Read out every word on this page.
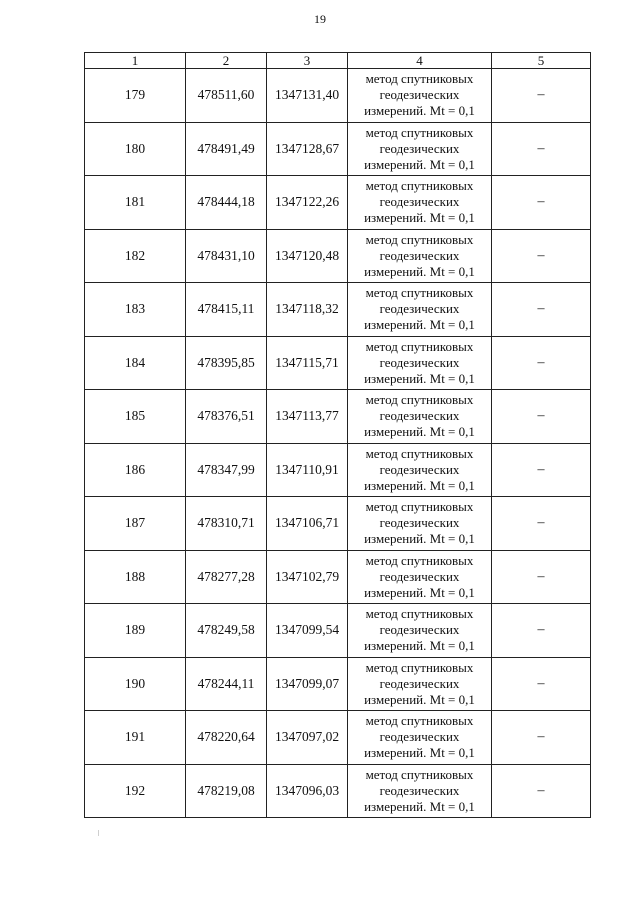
19
1	2	3	4	5
179	478511,60	1347131,40	метод спутниковых геодезических измерений. Mt = 0,1	–
180	478491,49	1347128,67	метод спутниковых геодезических измерений. Mt = 0,1	–
181	478444,18	1347122,26	метод спутниковых геодезических измерений. Mt = 0,1	–
182	478431,10	1347120,48	метод спутниковых геодезических измерений. Mt = 0,1	–
183	478415,11	1347118,32	метод спутниковых геодезических измерений. Mt = 0,1	–
184	478395,85	1347115,71	метод спутниковых геодезических измерений. Mt = 0,1	–
185	478376,51	1347113,77	метод спутниковых геодезических измерений. Mt = 0,1	–
186	478347,99	1347110,91	метод спутниковых геодезических измерений. Mt = 0,1	–
187	478310,71	1347106,71	метод спутниковых геодезических измерений. Mt = 0,1	–
188	478277,28	1347102,79	метод спутниковых геодезических измерений. Mt = 0,1	–
189	478249,58	1347099,54	метод спутниковых геодезических измерений. Mt = 0,1	–
190	478244,11	1347099,07	метод спутниковых геодезических измерений. Mt = 0,1	–
191	478220,64	1347097,02	метод спутниковых геодезических измерений. Mt = 0,1	–
192	478219,08	1347096,03	метод спутниковых геодезических измерений. Mt = 0,1	–
